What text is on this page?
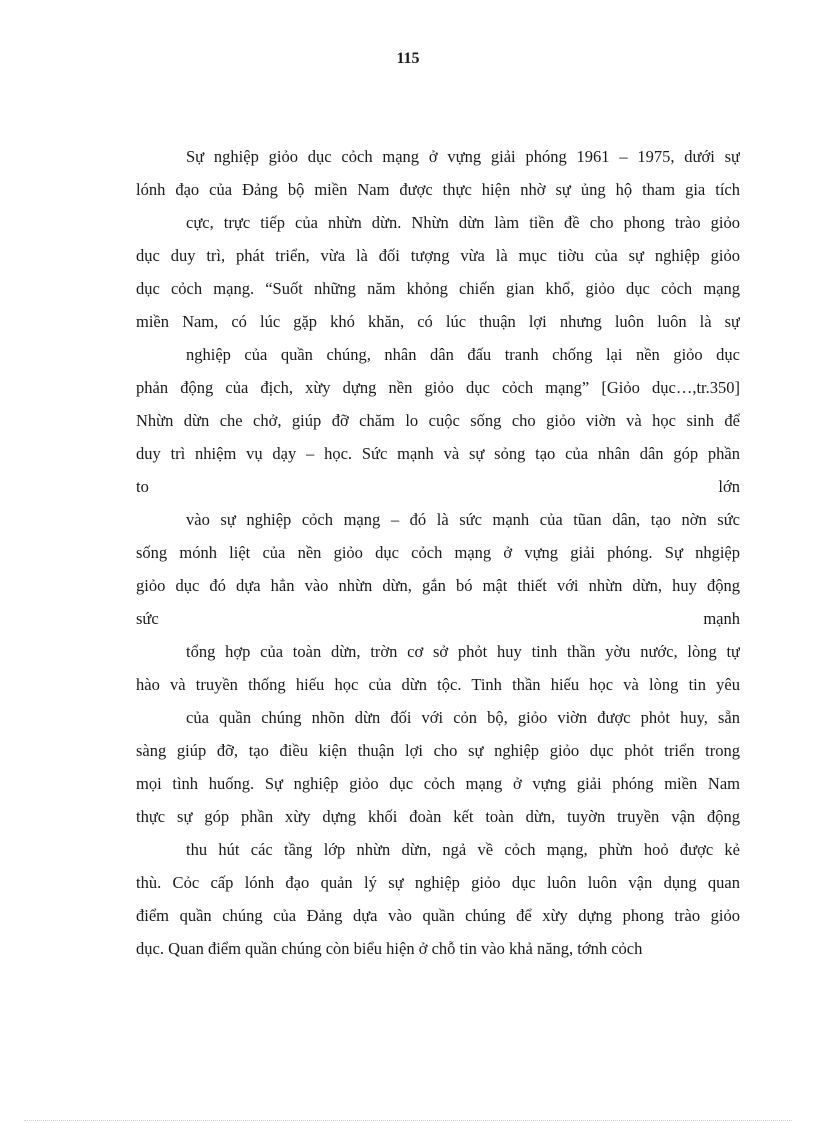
115
Sự nghiệp giỏo dục cỏch mạng ở vựng giải phóng 1961 – 1975, dưới sự
lónh đạo của Đảng bộ miền Nam được thực hiện nhờ sự ủng hộ tham gia tích
cực, trực tiếp của nhừn dừn. Nhừn dừn làm tiền đề cho phong trào giỏo
dục duy trì, phát triển, vừa là đối tượng vừa là mục tiờu của sự nghiệp giỏo
dục cỏch mạng. “Suốt những năm khỏng chiến gian khổ, giỏo dục cỏch mạng
miền Nam, có lúc gặp khó khăn, có lúc thuận lợi nhưng luôn luôn là sự
nghiệp của quần chúng, nhân dân đấu tranh chống lại nền giỏo dục
phản động của địch, xừy dựng nền giỏo dục cỏch mạng” [Giỏo dục…,tr.350]
Nhừn dừn che chở, giúp đỡ chăm lo cuộc sống cho giỏo viờn và học sinh để
duy trì nhiệm vụ dạy – học. Sức mạnh và sự sỏng tạo của nhân dân góp phần
to lớn
vào sự nghiệp cỏch mạng – đó là sức mạnh của tũan dân, tạo nờn sức
sống mónh liệt của nền giỏo dục cỏch mạng ở vựng giải phóng. Sự nhgiệp
giỏo dục đó dựa hẳn vào nhừn dừn, gắn bó mật thiết với nhừn dừn, huy động
sức mạnh
tổng hợp của toàn dừn, trờn cơ sở phỏt huy tinh thần yờu nước, lòng tự
hào và truyền thống hiếu học của dừn tộc. Tinh thần hiếu học và lòng tin yêu
của quần chúng nhõn dừn đối với cỏn bộ, giỏo viờn được phỏt huy, sẵn
sàng giúp đỡ, tạo điều kiện thuận lợi cho sự nghiệp giỏo dục phỏt triển trong
mọi tình huống. Sự nghiệp giỏo dục cỏch mạng ở vựng giải phóng miền Nam
thực sự góp phần xừy dựng khối đoàn kết toàn dừn, tuyờn truyền vận động
thu hút các tầng lớp nhừn dừn, ngả về cỏch mạng, phừn hoỏ được kẻ
thù. Cỏc cấp lónh đạo quản lý sự nghiệp giỏo dục luôn luôn vận dụng quan
điểm quần chúng của Đảng dựa vào quần chúng để xừy dựng phong trào giỏo
dục. Quan điểm quần chúng còn biểu hiện ở chỗ tin vào khả năng, tớnh cỏch
